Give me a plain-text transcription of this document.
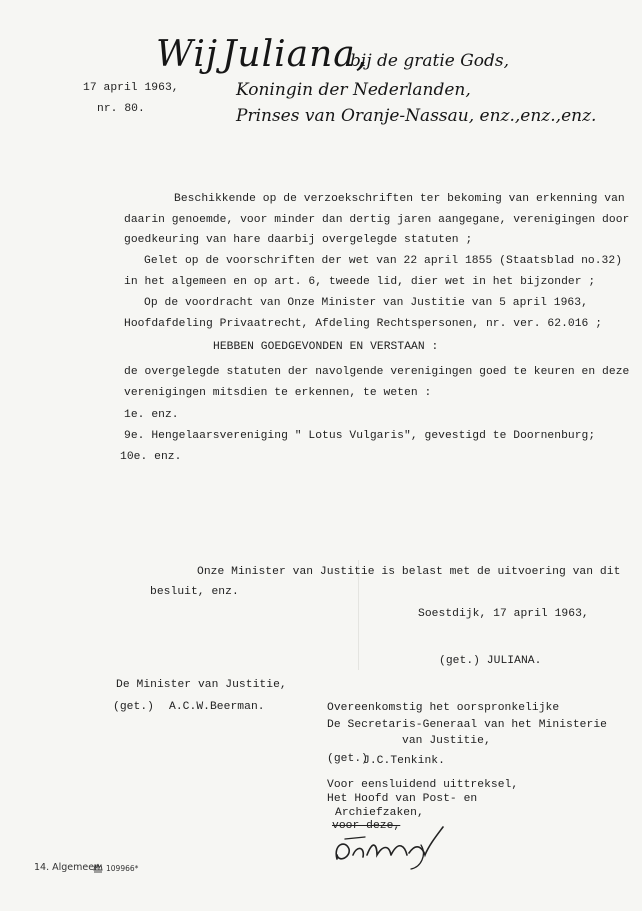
17 april 1963,
nr. 80.
Wij Juliana,
bij de gratie Gods,
Koningin der Nederlanden,
Prinses van Oranje-Nassau, enz.,enz.,enz.
Beschikkende op de verzoekschriften ter bekoming van erkenning van
daarin genoemde, voor minder dan dertig jaren aangegane, verenigingen door
goedkeuring van hare daarbij overgelegde statuten ;
Gelet op de voorschriften der wet van 22 april 1855 (Staatsblad no.32)
in het algemeen en op art. 6, tweede lid, dier wet in het bijzonder ;
Op de voordracht van Onze Minister van Justitie van 5 april 1963,
Hoofdafdeling Privaatrecht, Afdeling Rechtspersonen, nr. ver. 62.016 ;
HEBBEN GOEDGEVONDEN EN VERSTAAN :
de overgelegde statuten der navolgende verenigingen goed te keuren en deze
verenigingen mitsdien te erkennen, te weten :
1e. enz.
9e. Hengelaarsvereniging " Lotus Vulgaris", gevestigd te Doornenburg;
10e. enz.
Onze Minister van Justitie is belast met de uitvoering van dit
besluit, enz.
Soestdijk, 17 april 1963,
(get.) JULIANA.
De Minister van Justitie,
(get.) A.C.W.Beerman.	Overeenkomstig het oorspronkelijke
De Secretaris-Generaal van het Ministerie
van Justitie,
(get.)
J.C.Tenkink.
Voor eensluidend uittreksel,
Het Hoofd van Post- en
Archiefzaken,
voor deze,
14. Algemeen 109966*
